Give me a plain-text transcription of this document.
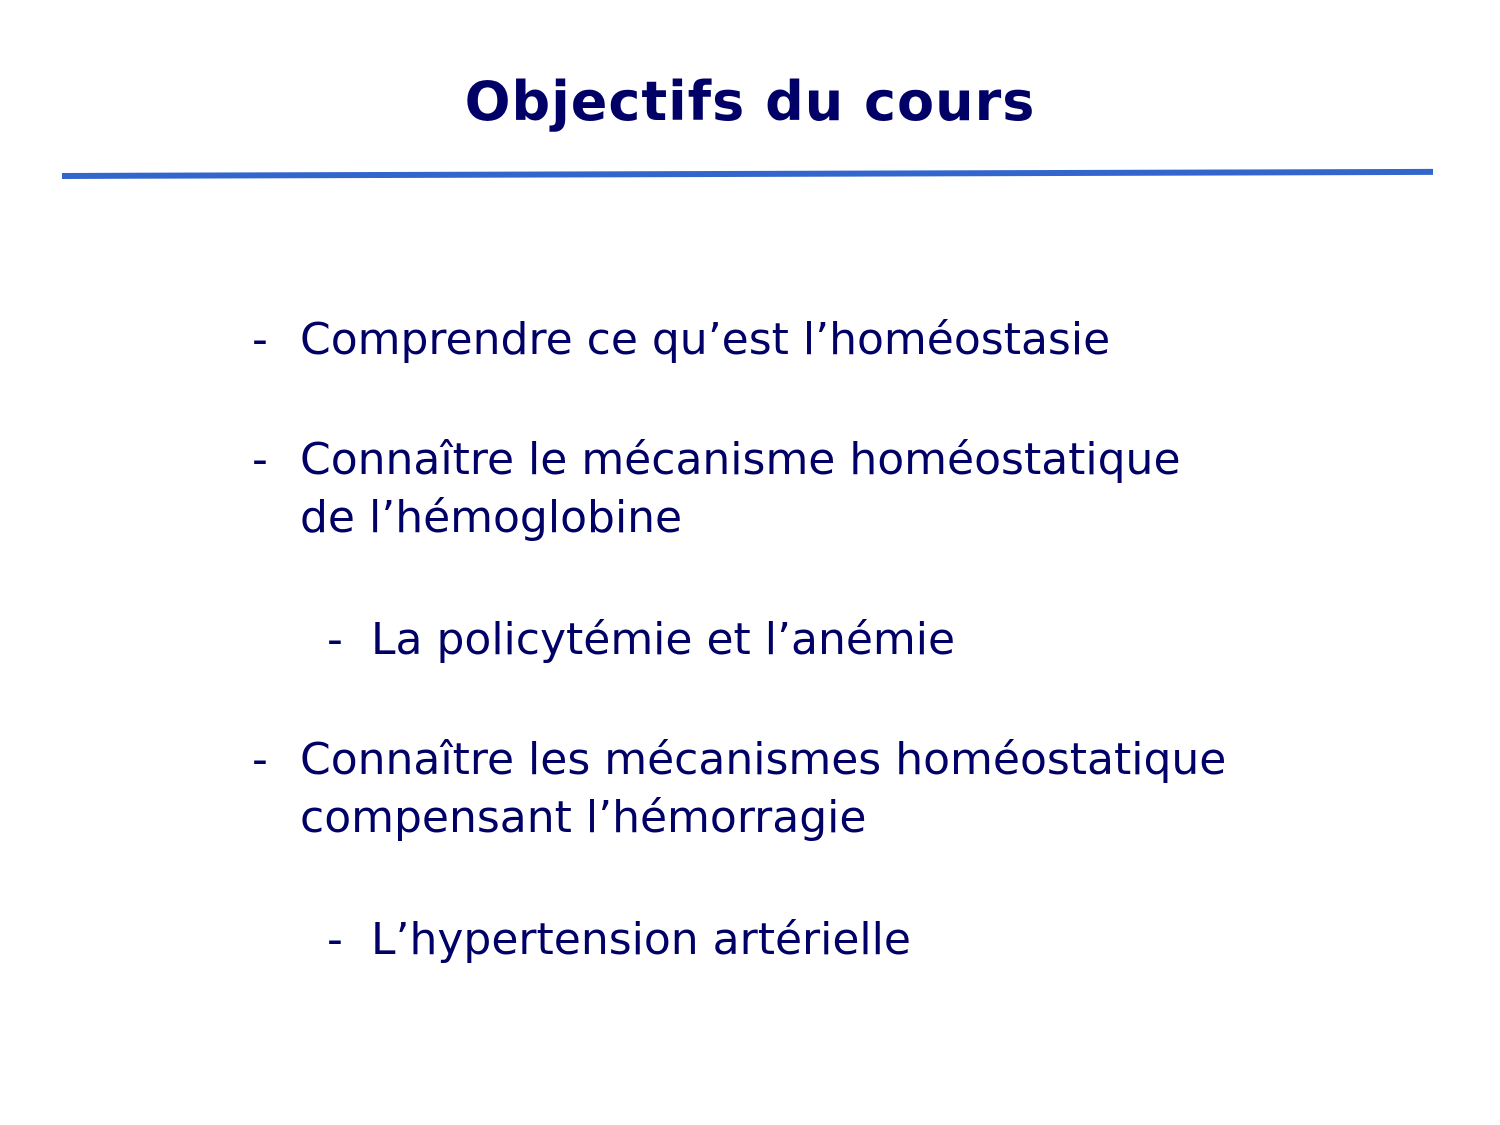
Objectifs du cours
- Comprendre ce qu’est l’homéostasie
- Connaître le mécanisme homéostatique
de l’hémoglobine
- La policytémie et l’anémie
- Connaître les mécanismes homéostatique
compensant l’hémorragie
- L’hypertension artérielle
